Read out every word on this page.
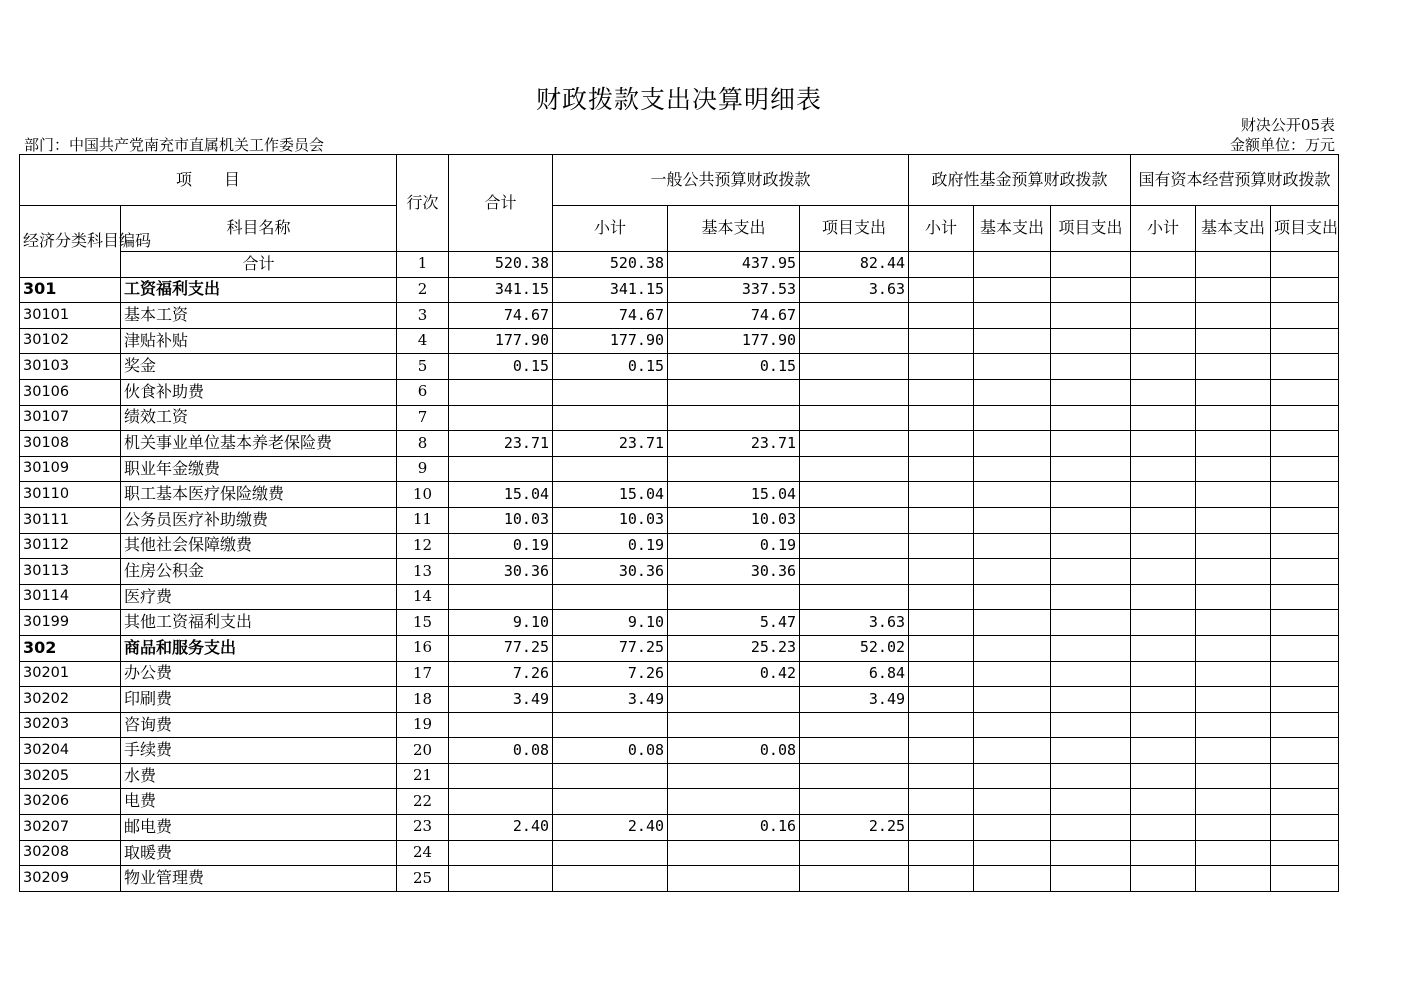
财政拨款支出决算明细表
财决公开05表
部门：中国共产党南充市直属机关工作委员会	金额单位：万元
项　　目		行次	合计	一般公共预算财政拨款			政府性基金预算财政拨款			国有资本经营预算财政拨款		
经济分类科目编码	科目名称			小计	基本支出	项目支出	小计	基本支出	项目支出	小计	基本支出	项目支出
	合计	1	520.38	520.38	437.95	82.44						
301	工资福利支出	2	341.15	341.15	337.53	3.63						
30101	基本工资	3	74.67	74.67	74.67							
30102	津贴补贴	4	177.90	177.90	177.90							
30103	奖金	5	0.15	0.15	0.15							
30106	伙食补助费	6										
30107	绩效工资	7										
30108	机关事业单位基本养老保险费	8	23.71	23.71	23.71							
30109	职业年金缴费	9										
30110	职工基本医疗保险缴费	10	15.04	15.04	15.04							
30111	公务员医疗补助缴费	11	10.03	10.03	10.03							
30112	其他社会保障缴费	12	0.19	0.19	0.19							
30113	住房公积金	13	30.36	30.36	30.36							
30114	医疗费	14										
30199	其他工资福利支出	15	9.10	9.10	5.47	3.63						
302	商品和服务支出	16	77.25	77.25	25.23	52.02						
30201	办公费	17	7.26	7.26	0.42	6.84						
30202	印刷费	18	3.49	3.49		3.49						
30203	咨询费	19										
30204	手续费	20	0.08	0.08	0.08							
30205	水费	21										
30206	电费	22										
30207	邮电费	23	2.40	2.40	0.16	2.25						
30208	取暖费	24										
30209	物业管理费	25										
